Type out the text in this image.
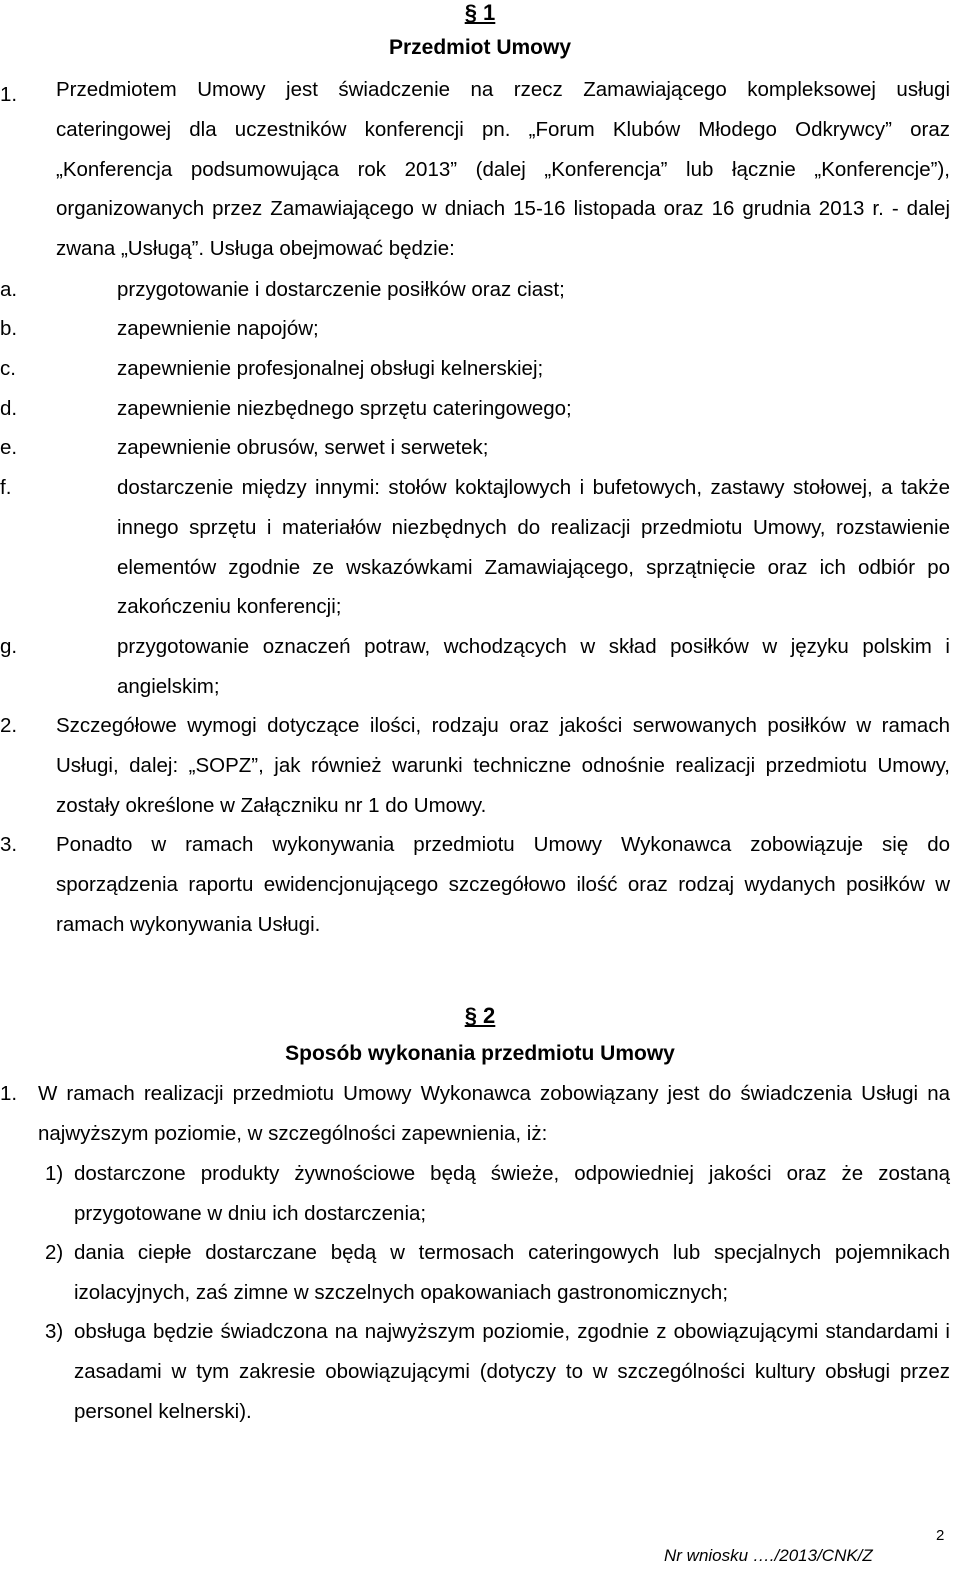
§ 1
Przedmiot Umowy
1. Przedmiotem Umowy jest świadczenie na rzecz Zamawiającego kompleksowej usługi cateringowej dla uczestników konferencji pn. „Forum Klubów Młodego Odkrywcy” oraz „Konferencja podsumowująca rok 2013” (dalej „Konferencja” lub łącznie „Konferencje”), organizowanych przez Zamawiającego w dniach 15-16 listopada oraz 16 grudnia 2013 r. - dalej zwana „Usługą”. Usługa obejmować będzie:
a.	przygotowanie i dostarczenie posiłków oraz ciast;
b.	zapewnienie napojów;
c.	zapewnienie profesjonalnej obsługi kelnerskiej;
d.	zapewnienie niezbędnego sprzętu cateringowego;
e.	zapewnienie obrusów, serwet i serwetek;
f.	dostarczenie między innymi: stołów koktajlowych i bufetowych, zastawy stołowej, a także innego sprzętu i materiałów niezbędnych do realizacji przedmiotu Umowy, rozstawienie elementów zgodnie ze wskazówkami Zamawiającego, sprzątnięcie oraz ich odbiór po zakończeniu konferencji;
g.	przygotowanie oznaczeń potraw, wchodzących w skład posiłków w języku polskim i angielskim;
2. Szczegółowe wymogi dotyczące ilości, rodzaju oraz jakości serwowanych posiłków w ramach Usługi, dalej: „SOPZ”, jak również warunki techniczne odnośnie realizacji przedmiotu Umowy, zostały określone w Załączniku nr 1 do Umowy.
3. Ponadto w ramach wykonywania przedmiotu Umowy Wykonawca zobowiązuje się do sporządzenia raportu ewidencjonującego szczegółowo ilość oraz rodzaj wydanych posiłków w ramach wykonywania Usługi.
§ 2
Sposób wykonania przedmiotu Umowy
1. W ramach realizacji przedmiotu Umowy Wykonawca zobowiązany jest do świadczenia Usługi na najwyższym poziomie, w szczególności zapewnienia, iż:
1) dostarczone produkty żywnościowe będą świeże, odpowiedniej jakości oraz że zostaną przygotowane w dniu ich dostarczenia;
2) dania ciepłe dostarczane będą w termosach cateringowych lub specjalnych pojemnikach izolacyjnych, zaś zimne w szczelnych opakowaniach gastronomicznych;
3) obsługa będzie świadczona na najwyższym poziomie, zgodnie z obowiązującymi standardami i zasadami w tym zakresie obowiązującymi (dotyczy to w szczególności kultury obsługi przez personel kelnerski).
2
Nr wniosku …./2013/CNK/Z
